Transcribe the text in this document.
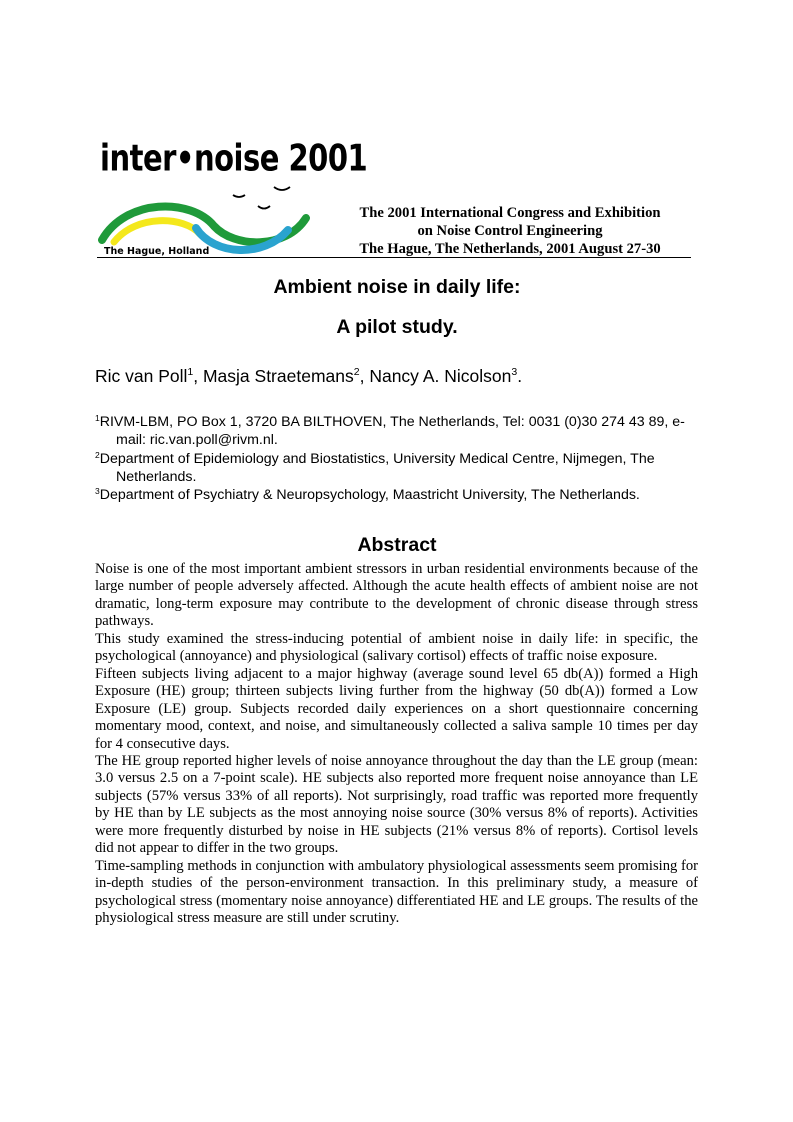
inter•noise 2001
The Hague, Holland
The 2001 International Congress and Exhibition
on Noise Control Engineering
The Hague, The Netherlands, 2001 August 27-30
Ambient noise in daily life:
A pilot study.
Ric van Poll$^1$, Masja Straetemans$^2$, Nancy A. Nicolson$^3$.
$^1$RIVM-LBM, PO Box 1, 3720 BA BILTHOVEN, The Netherlands, Tel: 0031 (0)30 274 43 89, e-mail: ric.van.poll@rivm.nl.
$^2$Department of Epidemiology and Biostatistics, University Medical Centre, Nijmegen, The Netherlands.
$^3$Department of Psychiatry & Neuropsychology, Maastricht University, The Netherlands.
Abstract

Noise is one of the most important ambient stressors in urban residential environments because of the large number of people adversely affected. Although the acute health effects of ambient noise are not dramatic, long-term exposure may contribute to the development of chronic disease through stress pathways.

This study examined the stress-inducing potential of ambient noise in daily life: in specific, the psychological (annoyance) and physiological (salivary cortisol) effects of traffic noise exposure.

Fifteen subjects living adjacent to a major highway (average sound level 65 db(A)) formed a High Exposure (HE) group; thirteen subjects living further from the highway (50 db(A)) formed a Low Exposure (LE) group. Subjects recorded daily experiences on a short questionnaire concerning momentary mood, context, and noise, and simultaneously collected a saliva sample 10 times per day for 4 consecutive days.

The HE group reported higher levels of noise annoyance throughout the day than the LE group (mean: 3.0 versus 2.5 on a 7-point scale). HE subjects also reported more frequent noise annoyance than LE subjects (57% versus 33% of all reports). Not surprisingly, road traffic was reported more frequently by HE than by LE subjects as the most annoying noise source (30% versus 8% of reports). Activities were more frequently disturbed by noise in HE subjects (21% versus 8% of reports). Cortisol levels did not appear to differ in the two groups.

Time-sampling methods in conjunction with ambulatory physiological assessments seem promising for in-depth studies of the person-environment transaction. In this preliminary study, a measure of psychological stress (momentary noise annoyance) differentiated HE and LE groups. The results of the physiological stress measure are still under scrutiny.
